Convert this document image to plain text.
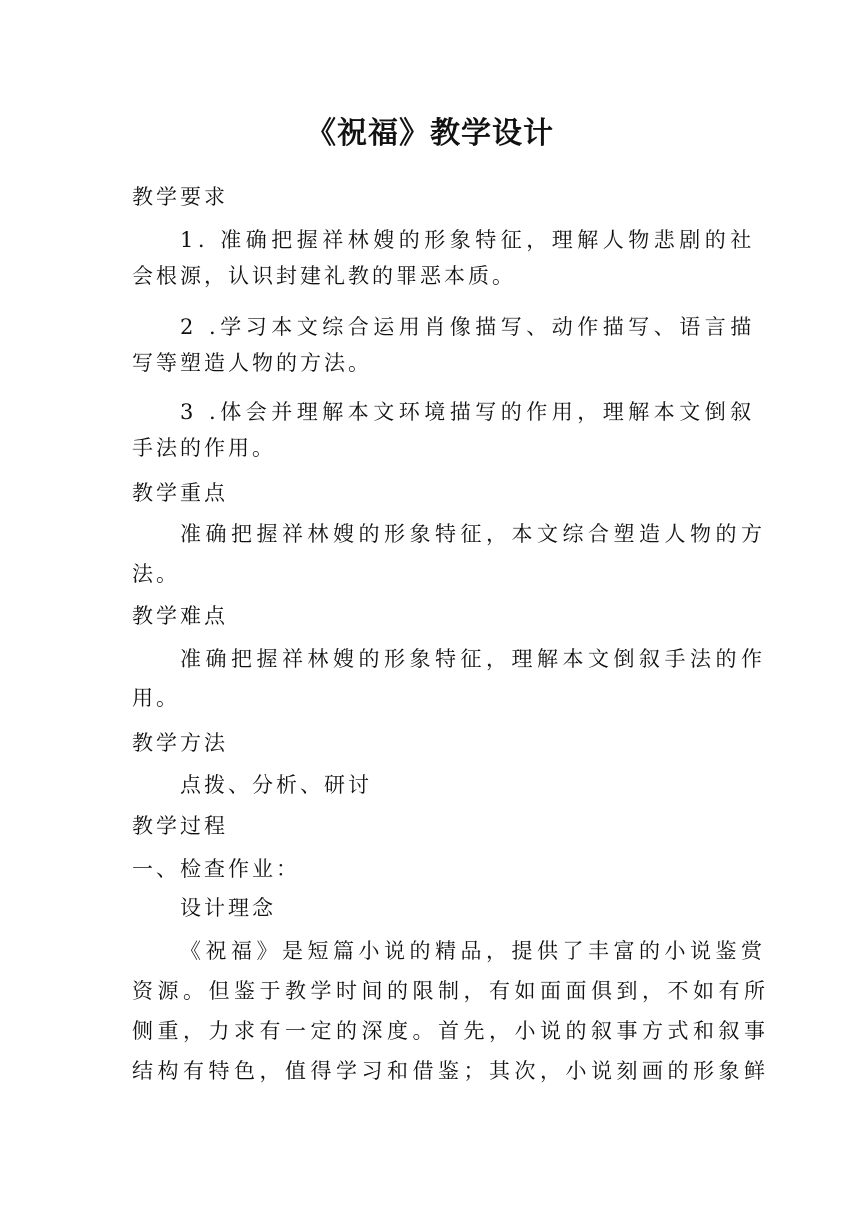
《祝福》教学设计
教学要求
1. 准确把握祥林嫂的形象特征，理解人物悲剧的社
会根源，认识封建礼教的罪恶本质。
2 .学习本文综合运用肖像描写、动作描写、语言描
写等塑造人物的方法。
3 .体会并理解本文环境描写的作用，理解本文倒叙
手法的作用。
教学重点
准确把握祥林嫂的形象特征，本文综合塑造人物的方
法。
教学难点
准确把握祥林嫂的形象特征，理解本文倒叙手法的作
用。
教学方法
点拨、分析、研讨
教学过程
一、检查作业：
设计理念
《祝福》是短篇小说的精品，提供了丰富的小说鉴赏
资源。但鉴于教学时间的限制，有如面面俱到，不如有所
侧重，力求有一定的深度。首先，小说的叙事方式和叙事
结构有特色，值得学习和借鉴；其次，小说刻画的形象鲜
